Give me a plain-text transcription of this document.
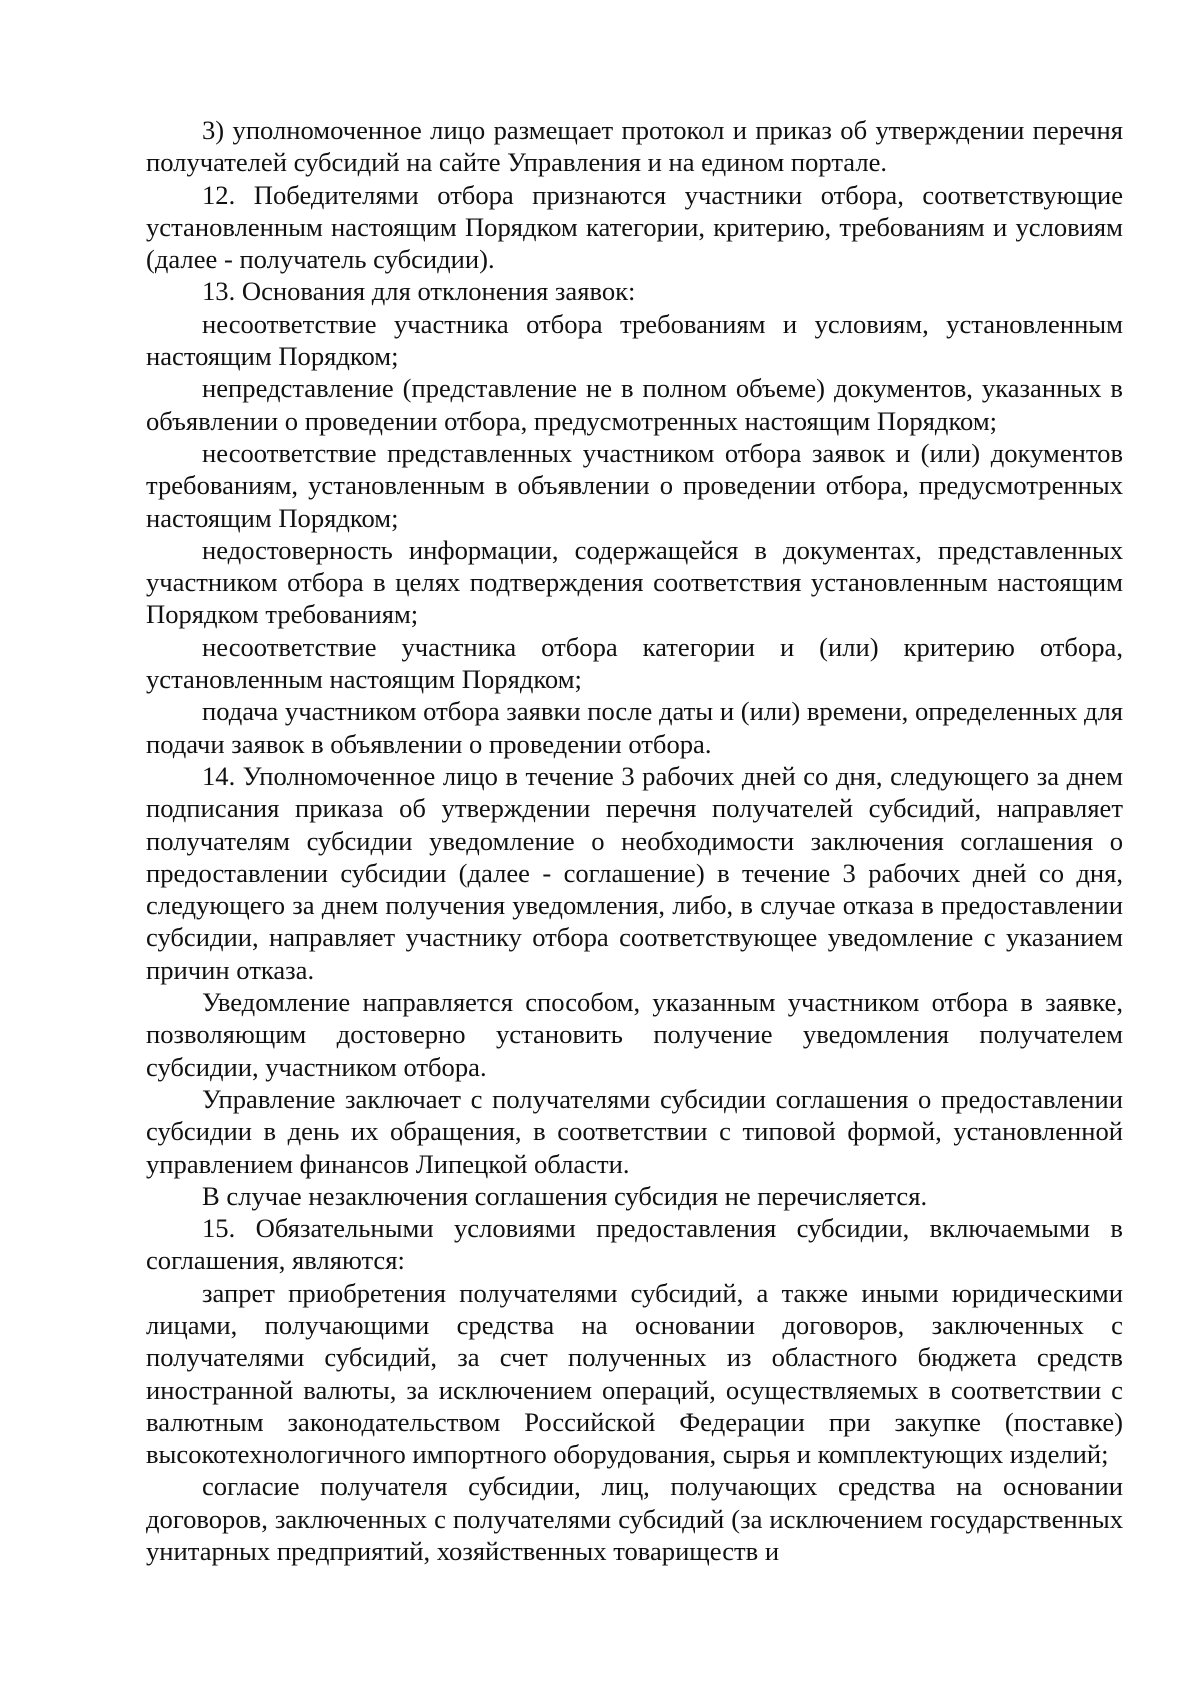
3) уполномоченное лицо размещает протокол и приказ об утверждении перечня получателей субсидий на сайте Управления и на едином портале.

12. Победителями отбора признаются участники отбора, соответствующие установленным настоящим Порядком категории, критерию, требованиям и условиям (далее - получатель субсидии).

13. Основания для отклонения заявок:

несоответствие участника отбора требованиям и условиям, установленным настоящим Порядком;

непредставление (представление не в полном объеме) документов, указанных в объявлении о проведении отбора, предусмотренных настоящим Порядком;

несоответствие представленных участником отбора заявок и (или) документов требованиям, установленным в объявлении о проведении отбора, предусмотренных настоящим Порядком;

недостоверность информации, содержащейся в документах, представленных участником отбора в целях подтверждения соответствия установленным настоящим Порядком требованиям;

несоответствие участника отбора категории и (или) критерию отбора, установленным настоящим Порядком;

подача участником отбора заявки после даты и (или) времени, определенных для подачи заявок в объявлении о проведении отбора.

14. Уполномоченное лицо в течение 3 рабочих дней со дня, следующего за днем подписания приказа об утверждении перечня получателей субсидий, направляет получателям субсидии уведомление о необходимости заключения соглашения о предоставлении субсидии (далее - соглашение) в течение 3 рабочих дней со дня, следующего за днем получения уведомления, либо, в случае отказа в предоставлении субсидии, направляет участнику отбора соответствующее уведомление с указанием причин отказа.

Уведомление направляется способом, указанным участником отбора в заявке, позволяющим достоверно установить получение уведомления получателем субсидии, участником отбора.

Управление заключает с получателями субсидии соглашения о предоставлении субсидии в день их обращения, в соответствии с типовой формой, установленной управлением финансов Липецкой области.

В случае незаключения соглашения субсидия не перечисляется.

15. Обязательными условиями предоставления субсидии, включаемыми в соглашения, являются:

запрет приобретения получателями субсидий, а также иными юридическими лицами, получающими средства на основании договоров, заключенных с получателями субсидий, за счет полученных из областного бюджета средств иностранной валюты, за исключением операций, осуществляемых в соответствии с валютным законодательством Российской Федерации при закупке (поставке) высокотехнологичного импортного оборудования, сырья и комплектующих изделий;

согласие получателя субсидии, лиц, получающих средства на основании договоров, заключенных с получателями субсидий (за исключением государственных унитарных предприятий, хозяйственных товариществ и
